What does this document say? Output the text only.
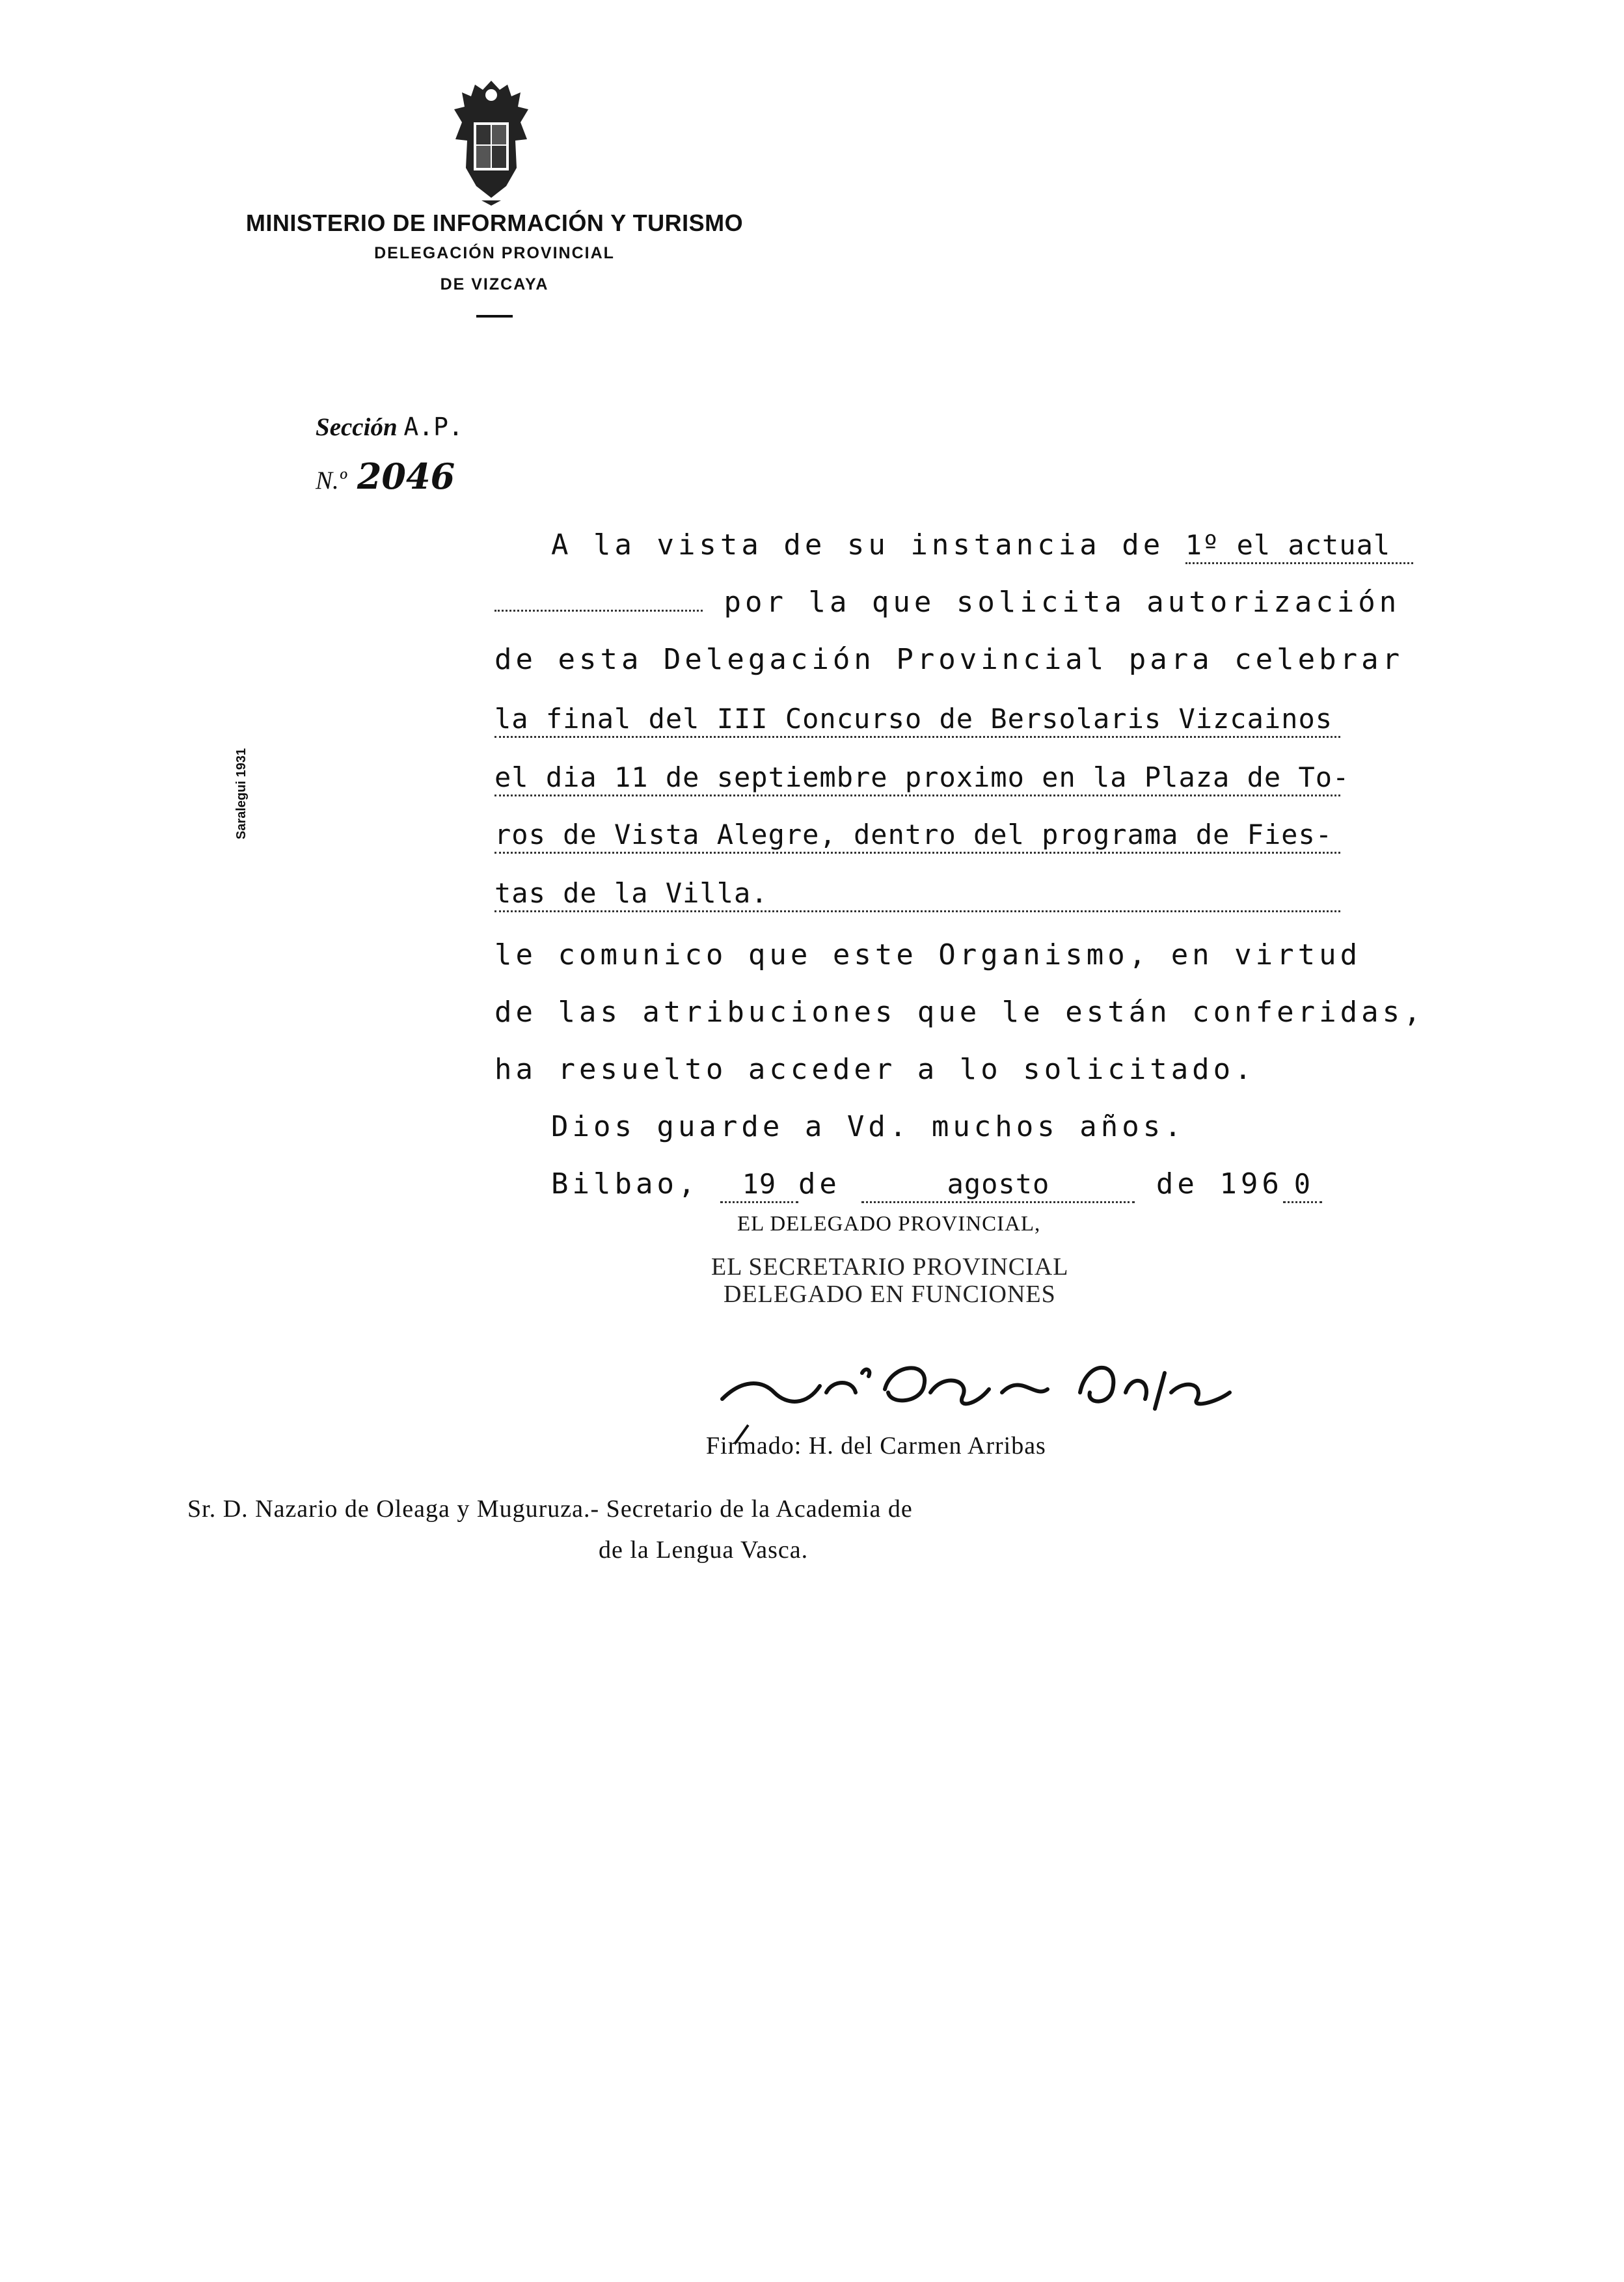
MINISTERIO DE INFORMACIÓN Y TURISMO
DELEGACIÓN PROVINCIAL
DE VIZCAYA
Sección A.P.
N.º 2046
Saralegui 1931
A la vista de su instancia de 1º el actual
por la que solicita autorización
de esta Delegación Provincial para celebrar
la final del III Concurso de Bersolaris Vizcainos
el dia 11 de septiembre proximo en la Plaza de To-
ros de Vista Alegre, dentro del programa de Fies-
tas de la Villa.
le comunico que este Organismo, en virtud
de las atribuciones que le están conferidas,
ha resuelto acceder a lo solicitado.
Dios guarde a Vd. muchos años.
Bilbao, 19 de	agosto	de 196 0
EL DELEGADO PROVINCIAL,
EL SECRETARIO PROVINCIAL
DELEGADO EN FUNCIONES
Firmado: H. del Carmen Arribas
Sr. D. Nazario de Oleaga y Muguruza.- Secretario de la Academia de
de la Lengua Vasca.
